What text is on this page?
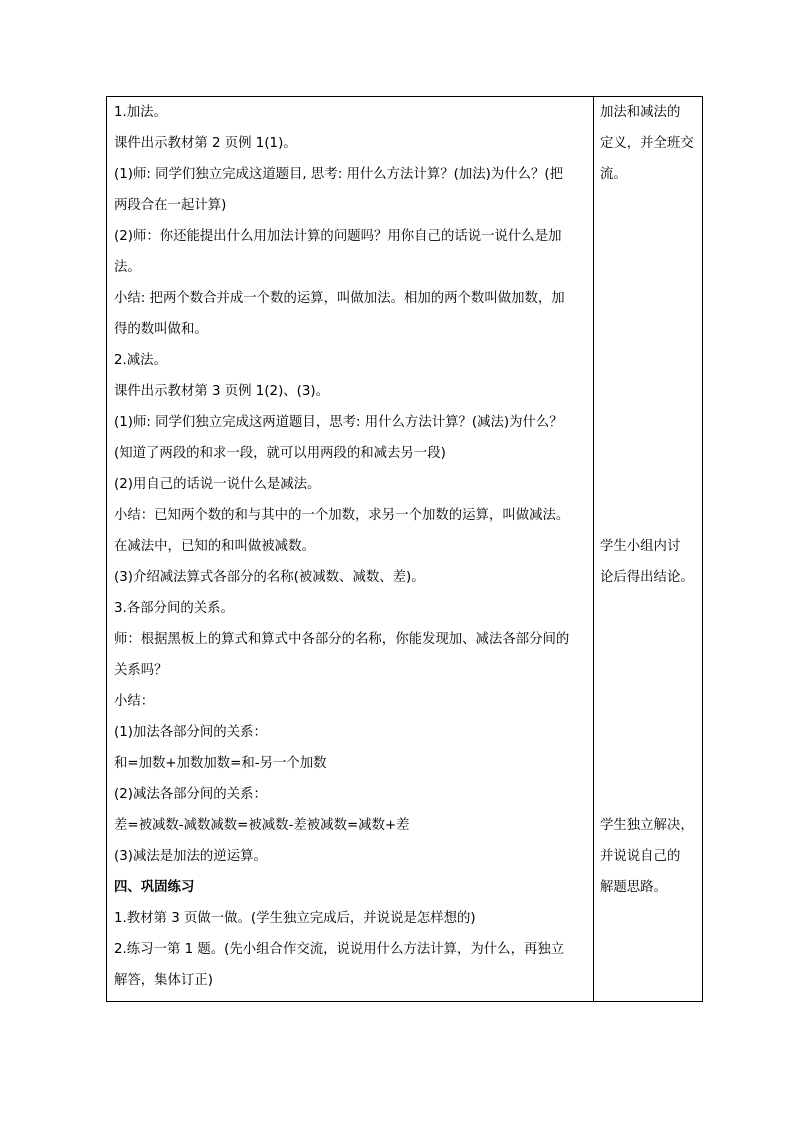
1.加法。
课件出示教材第 2 页例 1(1)。
(1)师: 同学们独立完成这道题目, 思考: 用什么方法计算？(加法)为什么？(把
两段合在一起计算)
(2)师：你还能提出什么用加法计算的问题吗？用你自己的话说一说什么是加
法。
小结: 把两个数合并成一个数的运算，叫做加法。相加的两个数叫做加数，加
得的数叫做和。
2.减法。
课件出示教材第 3 页例 1(2)、(3)。
(1)师: 同学们独立完成这两道题目，思考: 用什么方法计算？(减法)为什么？
(知道了两段的和求一段，就可以用两段的和减去另一段)
(2)用自己的话说一说什么是减法。
小结：已知两个数的和与其中的一个加数，求另一个加数的运算，叫做减法。
在减法中，已知的和叫做被减数。
(3)介绍减法算式各部分的名称(被减数、减数、差)。
3.各部分间的关系。
师：根据黑板上的算式和算式中各部分的名称，你能发现加、减法各部分间的
关系吗？
小结：
(1)加法各部分间的关系：
和=加数+加数加数=和-另一个加数
(2)减法各部分间的关系：
差=被减数-减数减数=被减数-差被减数=减数+差
(3)减法是加法的逆运算。
四、巩固练习
1.教材第 3 页做一做。(学生独立完成后，并说说是怎样想的)
2.练习一第 1 题。(先小组合作交流，说说用什么方法计算，为什么，再独立
解答，集体订正)
加法和减法的
定义，并全班交
流。
学生小组内讨
论后得出结论。
学生独立解决，
并说说自己的
解题思路。
